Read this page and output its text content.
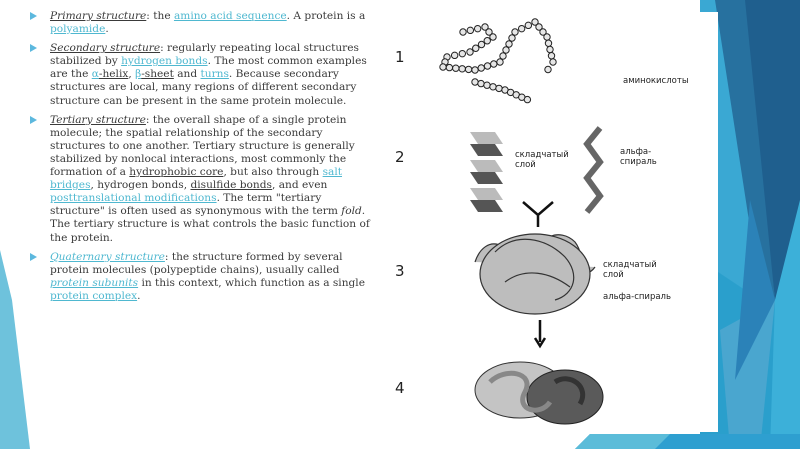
Primary structure: the amino acid sequence. A protein is a polyamide.
Secondary structure: regularly repeating local structures stabilized by hydrogen bonds. The most common examples are the α-helix, β-sheet and turns. Because secondary structures are local, many regions of different secondary structure can be present in the same protein molecule.
Tertiary structure: the overall shape of a single protein molecule; the spatial relationship of the secondary structures to one another. Tertiary structure is generally stabilized by nonlocal interactions, most commonly the formation of a hydrophobic core, but also through salt bridges, hydrogen bonds, disulfide bonds, and even posttranslational modifications. The term "tertiary structure" is often used as synonymous with the term fold. The tertiary structure is what controls the basic function of the protein.
Quaternary structure: the structure formed by several protein molecules (polypeptide chains), usually called protein subunits in this context, which function as a single protein complex.
1
2
3
4
аминокислоты
складчатый слой
альфа-спираль
складчатый слой
альфа-спираль
